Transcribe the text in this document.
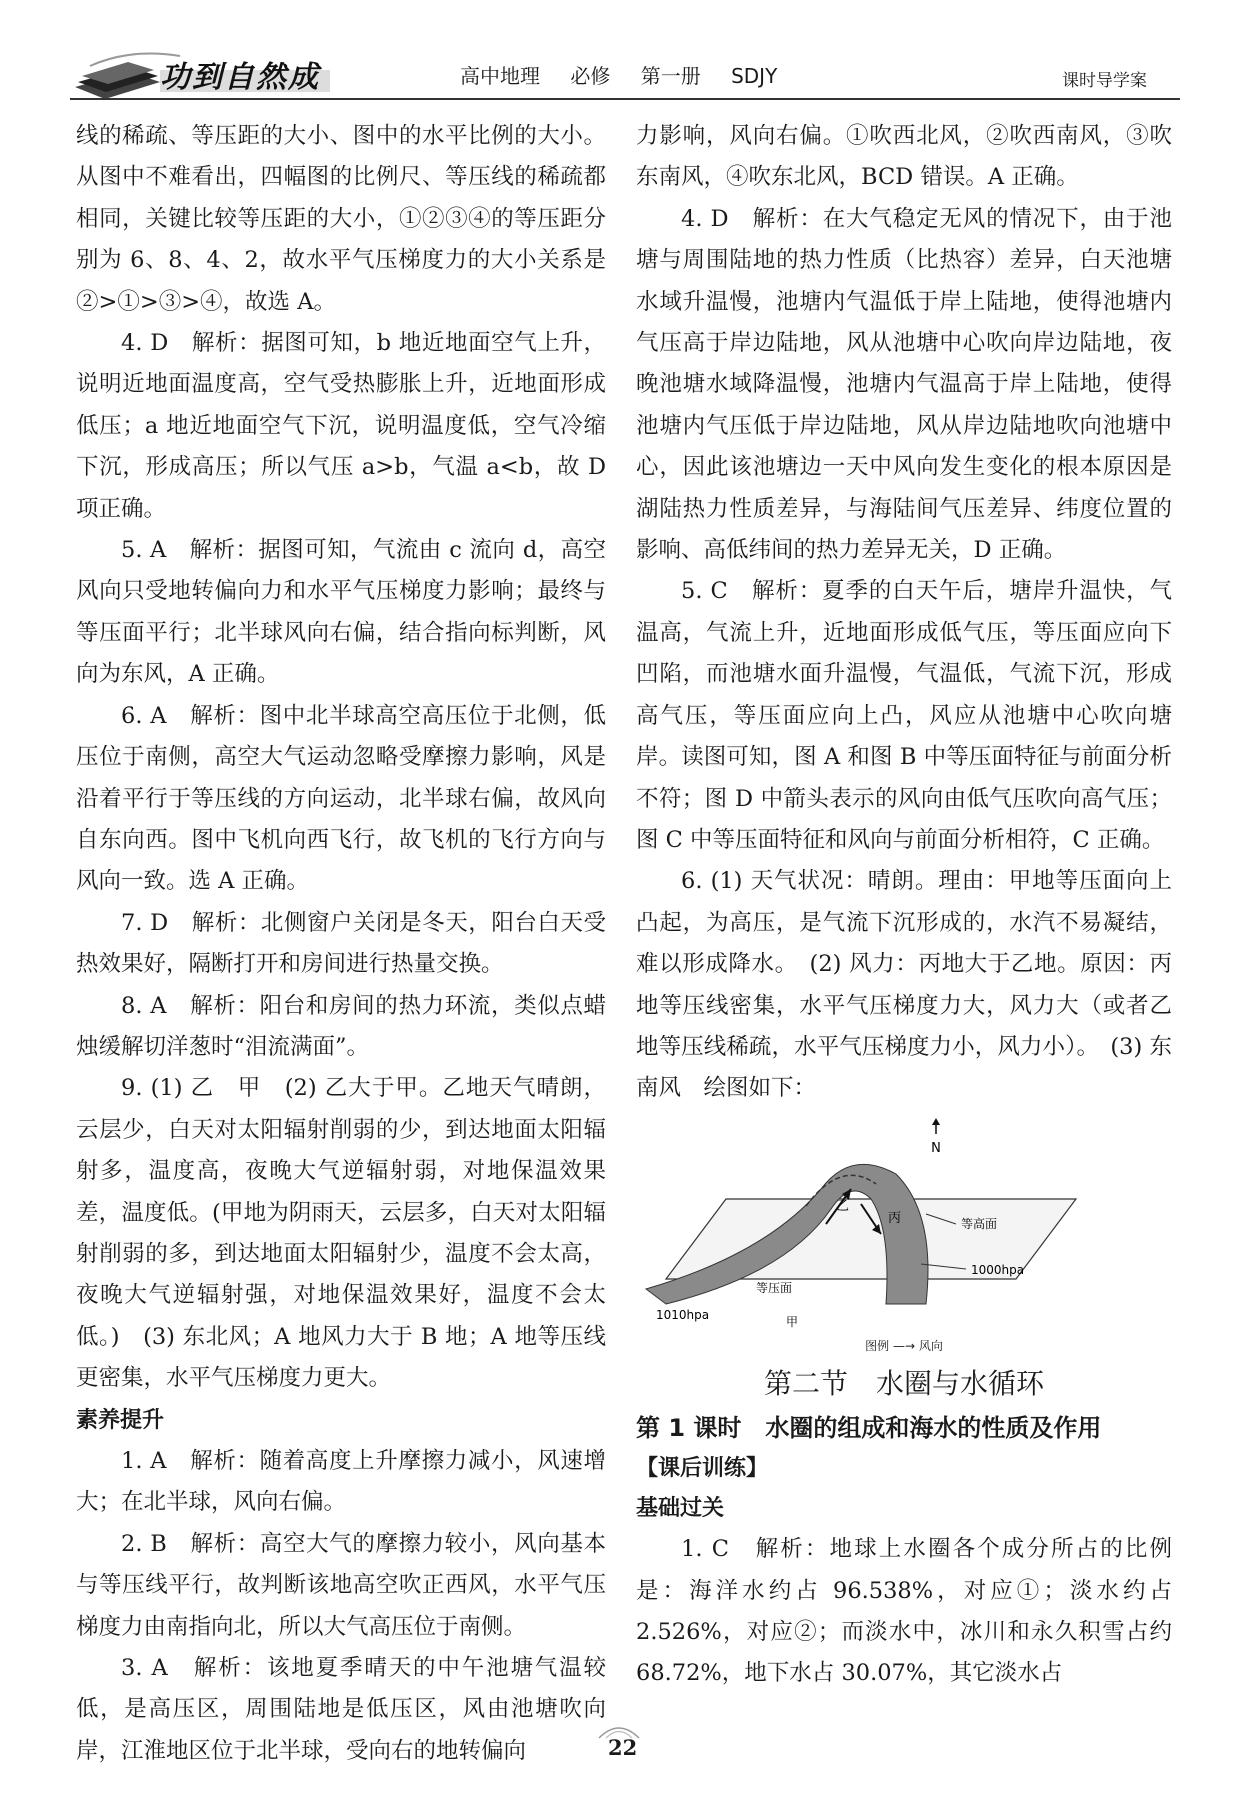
功到自然成	高中地理 必修 第一册 SDJY	课时导学案

线的稀疏、等压距的大小、图中的水平比例的大小。从图中不难看出，四幅图的比例尺、等压线的稀疏都相同，关键比较等压距的大小，①②③④的等压距分别为 6、8、4、2，故水平气压梯度力的大小关系是②>①>③>④，故选 A。

4. D　解析：据图可知，b 地近地面空气上升，说明近地面温度高，空气受热膨胀上升，近地面形成低压；a 地近地面空气下沉，说明温度低，空气冷缩下沉，形成高压；所以气压 a>b，气温 a<b，故 D 项正确。

5. A　解析：据图可知，气流由 c 流向 d，高空风向只受地转偏向力和水平气压梯度力影响；最终与等压面平行；北半球风向右偏，结合指向标判断，风向为东风，A 正确。

6. A　解析：图中北半球高空高压位于北侧，低压位于南侧，高空大气运动忽略受摩擦力影响，风是沿着平行于等压线的方向运动，北半球右偏，故风向自东向西。图中飞机向西飞行，故飞机的飞行方向与风向一致。选 A 正确。

7. D　解析：北侧窗户关闭是冬天，阳台白天受热效果好，隔断打开和房间进行热量交换。

8. A　解析：阳台和房间的热力环流，类似点蜡烛缓解切洋葱时“泪流满面”。

9. (1) 乙　甲　(2) 乙大于甲。乙地天气晴朗，云层少，白天对太阳辐射削弱的少，到达地面太阳辐射多，温度高，夜晚大气逆辐射弱，对地保温效果差，温度低。(甲地为阴雨天，云层多，白天对太阳辐射削弱的多，到达地面太阳辐射少，温度不会太高，夜晚大气逆辐射强，对地保温效果好，温度不会太低。)　(3) 东北风；A 地风力大于 B 地；A 地等压线更密集，水平气压梯度力更大。

素养提升

1. A　解析：随着高度上升摩擦力减小，风速增大；在北半球，风向右偏。

2. B　解析：高空大气的摩擦力较小，风向基本与等压线平行，故判断该地高空吹正西风，水平气压梯度力由南指向北，所以大气高压位于南侧。

3. A　解析：该地夏季晴天的中午池塘气温较低，是高压区，周围陆地是低压区，风由池塘吹向岸，江淮地区位于北半球，受向右的地转偏向

力影响，风向右偏。①吹西北风，②吹西南风，③吹东南风，④吹东北风，BCD 错误。A 正确。

4. D　解析：在大气稳定无风的情况下，由于池塘与周围陆地的热力性质（比热容）差异，白天池塘水域升温慢，池塘内气温低于岸上陆地，使得池塘内气压高于岸边陆地，风从池塘中心吹向岸边陆地，夜晚池塘水域降温慢，池塘内气温高于岸上陆地，使得池塘内气压低于岸边陆地，风从岸边陆地吹向池塘中心，因此该池塘边一天中风向发生变化的根本原因是湖陆热力性质差异，与海陆间气压差异、纬度位置的影响、高低纬间的热力差异无关，D 正确。

5. C　解析：夏季的白天午后，塘岸升温快，气温高，气流上升，近地面形成低气压，等压面应向下凹陷，而池塘水面升温慢，气温低，气流下沉，形成高气压，等压面应向上凸，风应从池塘中心吹向塘岸。读图可知，图 A 和图 B 中等压面特征与前面分析不符；图 D 中箭头表示的风向由低气压吹向高气压；图 C 中等压面特征和风向与前面分析相符，C 正确。

6. (1) 天气状况：晴朗。理由：甲地等压面向上凸起，为高压，是气流下沉形成的，水汽不易凝结，难以形成降水。　(2) 风力：丙地大于乙地。原因：丙地等压线密集，水平气压梯度力大，风力大（或者乙地等压线稀疏，水平气压梯度力小，风力小）。　(3) 东南风　绘图如下：

N
乙
丙	等高面
1000hpa
等压面
1010hpa	甲
图例 —→ 风向

第二节　水圈与水循环

第 1 课时　水圈的组成和海水的性质及作用

【课后训练】

基础过关

1. C　解析：地球上水圈各个成分所占的比例是：海洋水约占 96.538%，对应①；淡水约占 2.526%，对应②；而淡水中，冰川和永久积雪占约 68.72%，地下水占 30.07%，其它淡水占

22
